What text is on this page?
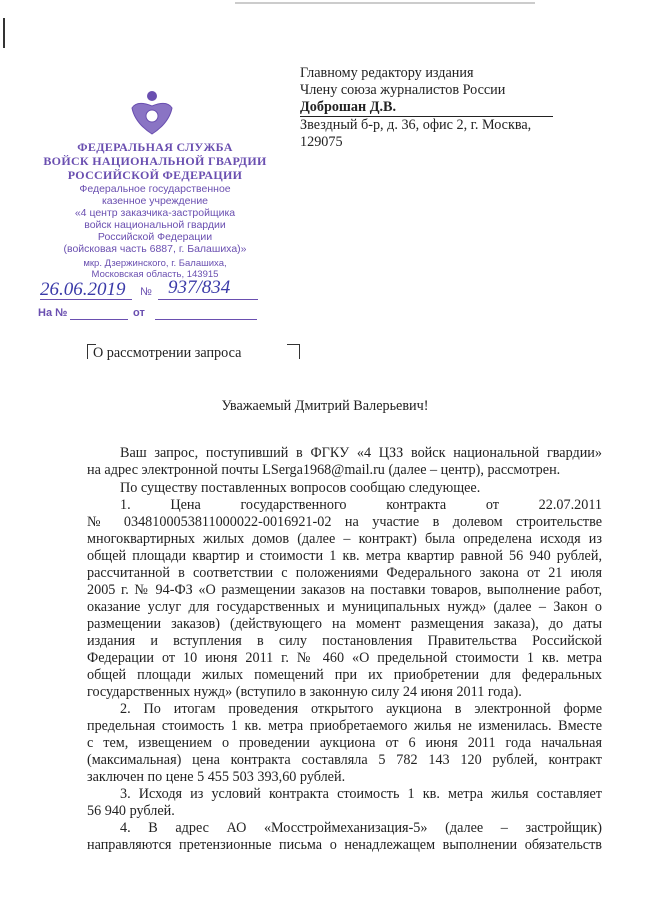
Главному редактору издания
Члену союза журналистов России
Доброшан Д.В.
Звездный б-р, д. 36, офис 2, г. Москва,
129075
ФЕДЕРАЛЬНАЯ СЛУЖБА
ВОЙСК НАЦИОНАЛЬНОЙ ГВАРДИИ
РОССИЙСКОЙ ФЕДЕРАЦИИ
Федеральное государственное
казенное учреждение
«4 центр заказчика-застройщика
войск национальной гвардии
Российской Федерации
(войсковая часть 6887, г. Балашиха)»
мкр. Дзержинского, г. Балашиха,
Московская область, 143915
26.06.2019 № 937/834
На №	от
О рассмотрении запроса
Уважаемый Дмитрий Валерьевич!
Ваш запрос, поступивший в ФГКУ «4 ЦЗЗ войск национальной гвардии»
на адрес электронной почты LSerga1968@mail.ru (далее – центр), рассмотрен.
По существу поставленных вопросов сообщаю следующее.
1. Цена государственного контракта от 22.07.2011
№ 0348100053811000022-0016921-02 на участие в долевом строительстве
многоквартирных жилых домов (далее – контракт) была определена исходя из
общей площади квартир и стоимости 1 кв. метра квартир равной 56 940 рублей,
рассчитанной в соответствии с положениями Федерального закона от 21 июля
2005 г. № 94-ФЗ «О размещении заказов на поставки товаров, выполнение работ,
оказание услуг для государственных и муниципальных нужд» (далее – Закон о
размещении заказов) (действующего на момент размещения заказа), до даты
издания и вступления в силу постановления Правительства Российской
Федерации от 10 июня 2011 г. № 460 «О предельной стоимости 1 кв. метра
общей площади жилых помещений при их приобретении для федеральных
государственных нужд» (вступило в законную силу 24 июня 2011 года).
2. По итогам проведения открытого аукциона в электронной форме
предельная стоимость 1 кв. метра приобретаемого жилья не изменилась. Вместе
с тем, извещением о проведении аукциона от 6 июня 2011 года начальная
(максимальная) цена контракта составляла 5 782 143 120 рублей, контракт
заключен по цене 5 455 503 393,60 рублей.
3. Исходя из условий контракта стоимость 1 кв. метра жилья составляет
56 940 рублей.
4. В адрес АО «Мосстроймеханизация-5» (далее – застройщик)
направляются претензионные письма о ненадлежащем выполнении обязательств
